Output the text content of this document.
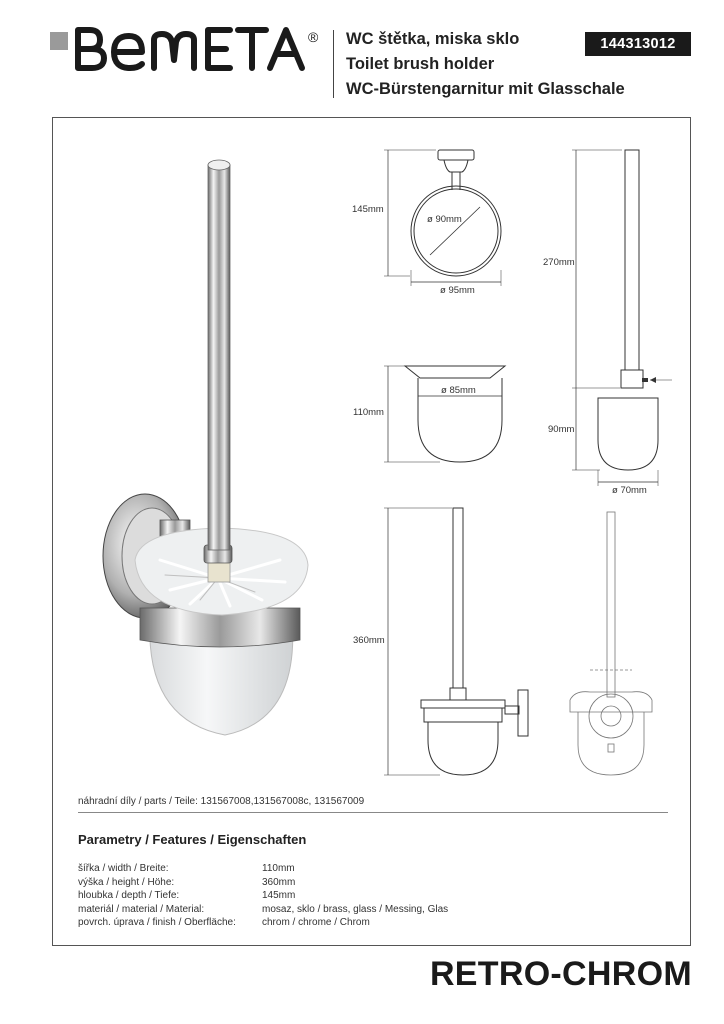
® WC štětka, miska sklo
Toilet brush holder
WC-Bürstengarnitur mit Glasschale
144313012
145mm
ø 90mm
ø 95mm
270mm
110mm
ø 85mm
90mm
ø 70mm
360mm
náhradní díly / parts / Teile: 131567008,131567008c, 131567009
Parametry / Features / Eigenschaften
šířka / width / Breite:	110mm
výška / height / Höhe:	360mm
hloubka / depth / Tiefe:	145mm
materiál / material / Material:	mosaz, sklo / brass, glass / Messing, Glas
povrch. úprava / finish / Oberfläche:	chrom / chrome / Chrom
RETRO-CHROM
